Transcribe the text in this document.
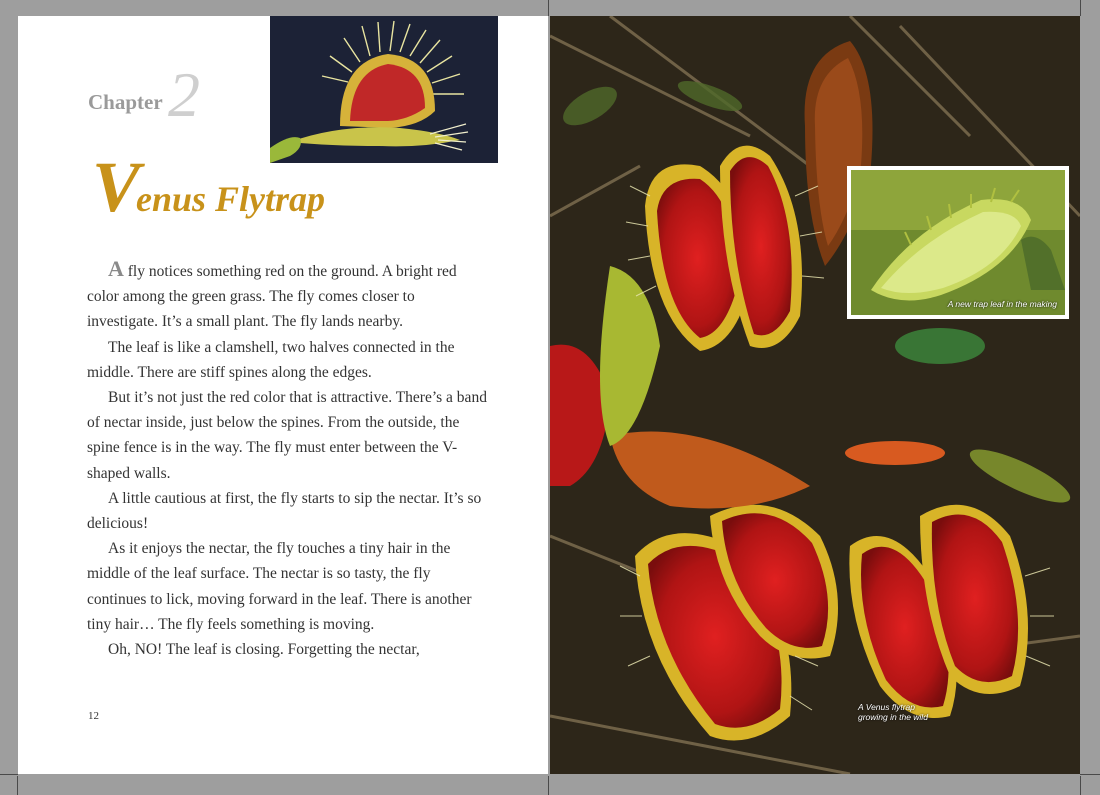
Chapter 2
V
enus Flytrap

A fly notices something red on the ground. A bright red color among the green grass. The fly comes closer to investigate. It’s a small plant. The fly lands nearby.

The leaf is like a clamshell, two halves connected in the middle. There are stiff spines along the edges.

But it’s not just the red color that is attractive. There’s a band of nectar inside, just below the spines. From the outside, the spine fence is in the way. The fly must enter between the V-shaped walls.

A little cautious at first, the fly starts to sip the nectar. It’s so delicious!

As it enjoys the nectar, the fly touches a tiny hair in the middle of the leaf surface. The nectar is so tasty, the fly continues to lick, moving forward in the leaf. There is another tiny hair… The fly feels something is moving.

Oh, NO! The leaf is closing. Forgetting the nectar,

12
A new trap leaf in the making
A Venus flytrap
growing in the wild
